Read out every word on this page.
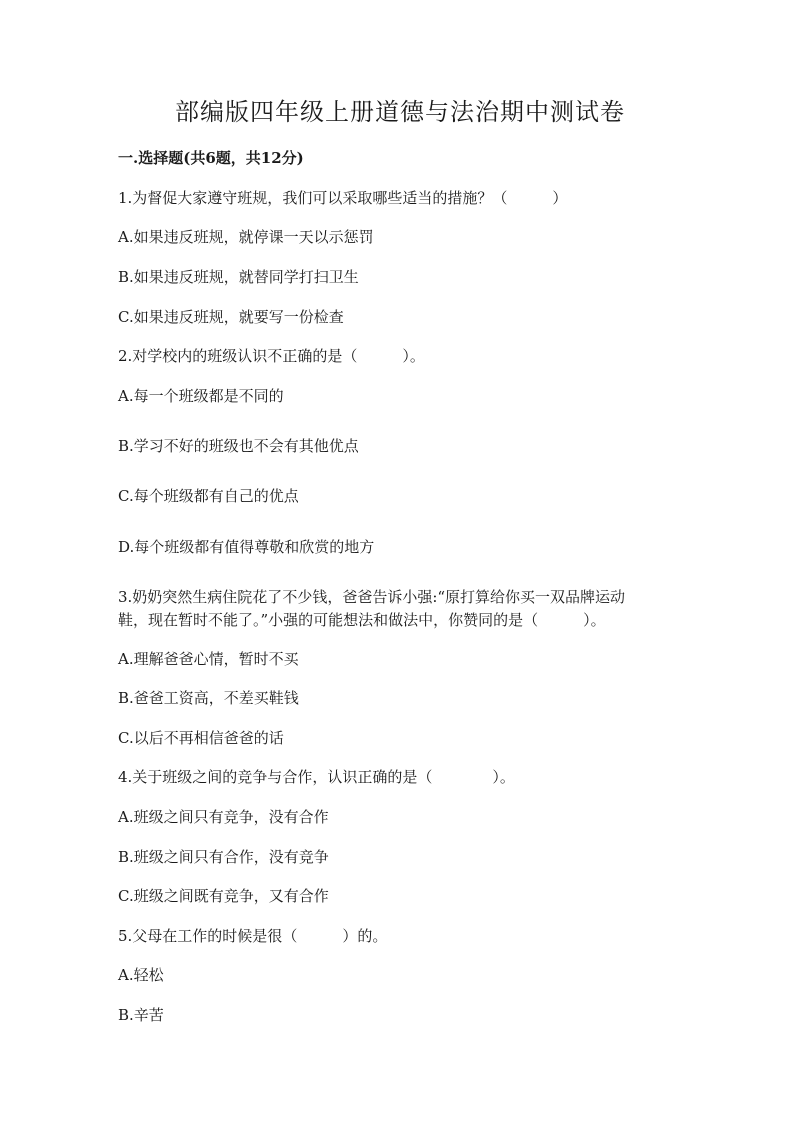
部编版四年级上册道德与法治期中测试卷
一.选择题(共6题，共12分)
1.为督促大家遵守班规，我们可以采取哪些适当的措施？（　　　）
A.如果违反班规，就停课一天以示惩罚
B.如果违反班规，就替同学打扫卫生
C.如果违反班规，就要写一份检查
2.对学校内的班级认识不正确的是（　　　）。
A.每一个班级都是不同的
B.学习不好的班级也不会有其他优点
C.每个班级都有自己的优点
D.每个班级都有值得尊敬和欣赏的地方
3.奶奶突然生病住院花了不少钱，爸爸告诉小强:“原打算给你买一双品牌运动
鞋，现在暂时不能了。”小强的可能想法和做法中，你赞同的是（　　　）。
A.理解爸爸心情，暂时不买
B.爸爸工资高，不差买鞋钱
C.以后不再相信爸爸的话
4.关于班级之间的竞争与合作，认识正确的是（　　　　）。
A.班级之间只有竞争，没有合作
B.班级之间只有合作，没有竞争
C.班级之间既有竞争，又有合作
5.父母在工作的时候是很（　　　）的。
A.轻松
B.辛苦
